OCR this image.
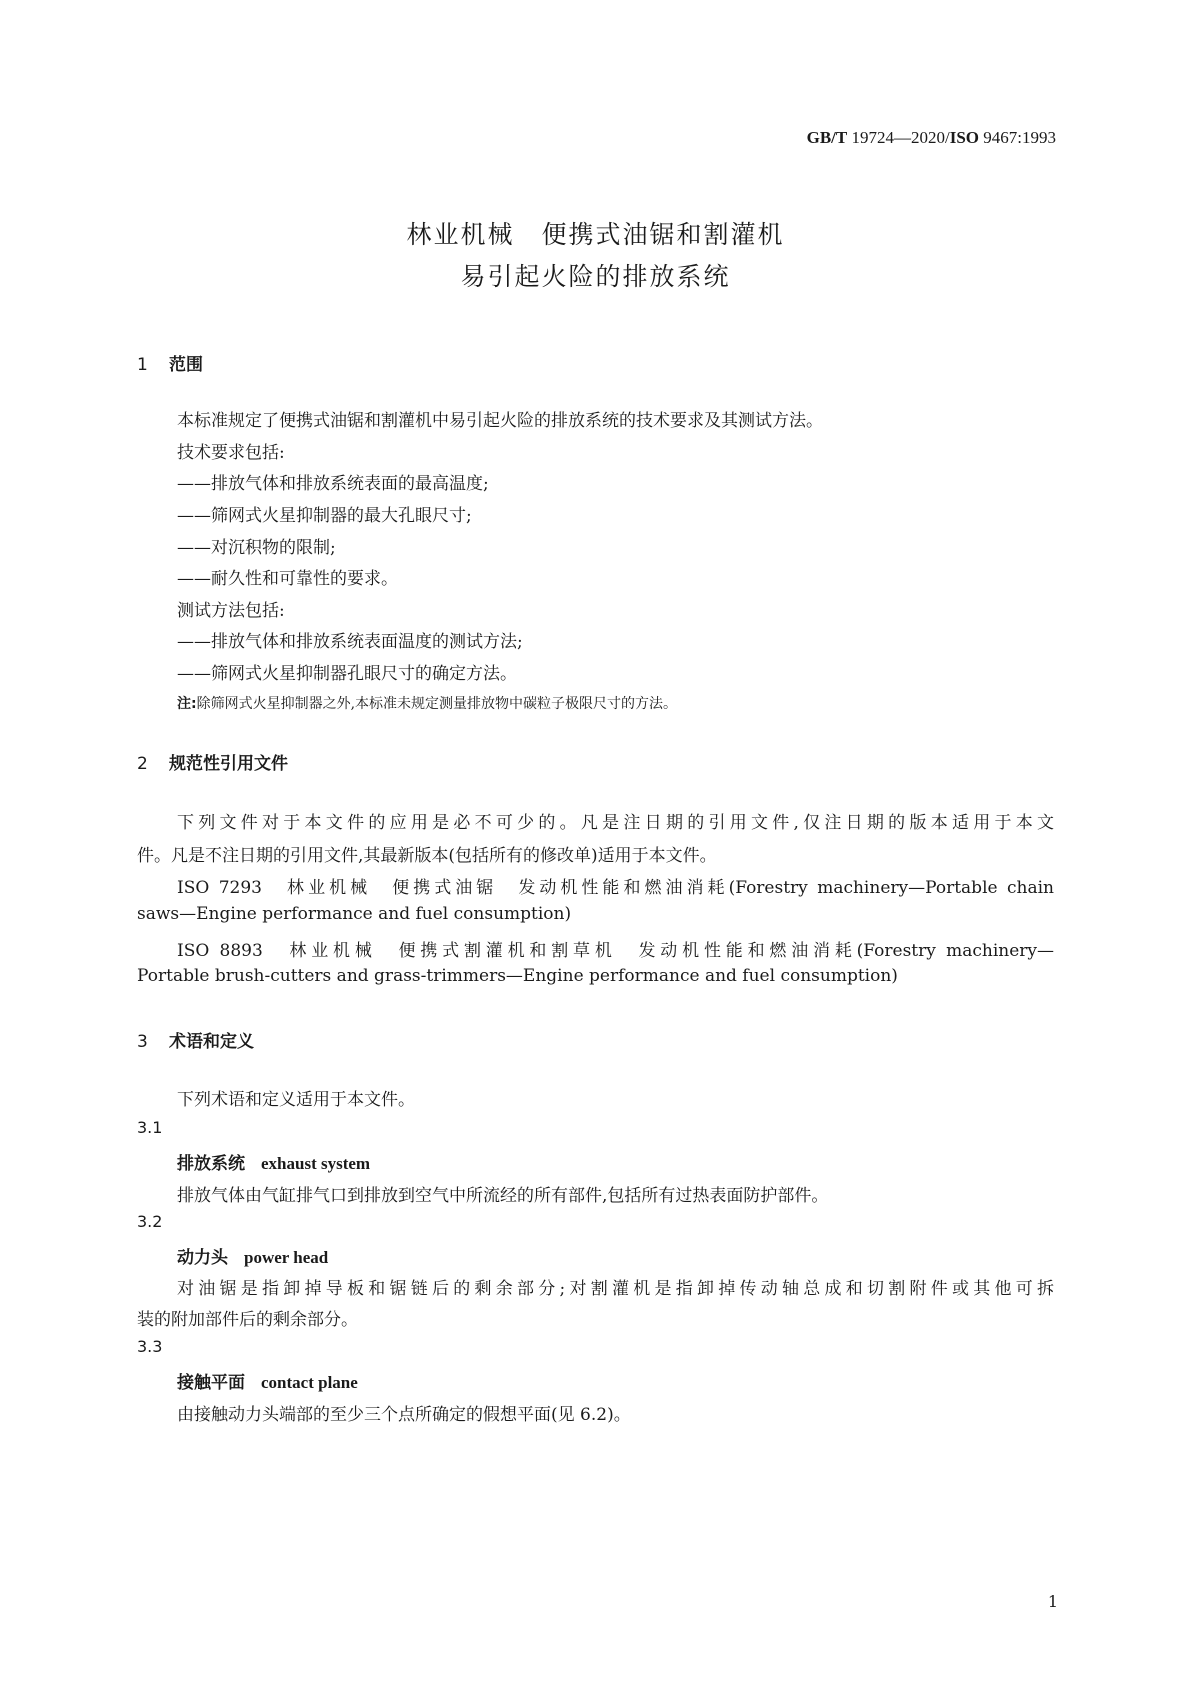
GB/T 19724—2020/ISO 9467:1993
林业机械　便携式油锯和割灌机
易引起火险的排放系统
1 范围
本标准规定了便携式油锯和割灌机中易引起火险的排放系统的技术要求及其测试方法。
技术要求包括:
——排放气体和排放系统表面的最高温度;
——筛网式火星抑制器的最大孔眼尺寸;
——对沉积物的限制;
——耐久性和可靠性的要求。
测试方法包括:
——排放气体和排放系统表面温度的测试方法;
——筛网式火星抑制器孔眼尺寸的确定方法。
注:除筛网式火星抑制器之外,本标准未规定测量排放物中碳粒子极限尺寸的方法。
2 规范性引用文件
下列文件对于本文件的应用是必不可少的。凡是注日期的引用文件,仅注日期的版本适用于本文
件。凡是不注日期的引用文件,其最新版本(包括所有的修改单)适用于本文件。
ISO 7293　林业机械　便携式油锯　发动机性能和燃油消耗(Forestry machinery—Portable chain
saws—Engine performance and fuel consumption)
ISO 8893　林业机械　便携式割灌机和割草机　发动机性能和燃油消耗(Forestry machinery—
Portable brush-cutters and grass-trimmers—Engine performance and fuel consumption)
3 术语和定义
下列术语和定义适用于本文件。
3.1
排放系统 exhaust system
排放气体由气缸排气口到排放到空气中所流经的所有部件,包括所有过热表面防护部件。
3.2
动力头 power head
对油锯是指卸掉导板和锯链后的剩余部分;对割灌机是指卸掉传动轴总成和切割附件或其他可拆
装的附加部件后的剩余部分。
3.3
接触平面 contact plane
由接触动力头端部的至少三个点所确定的假想平面(见 6.2)。
1
